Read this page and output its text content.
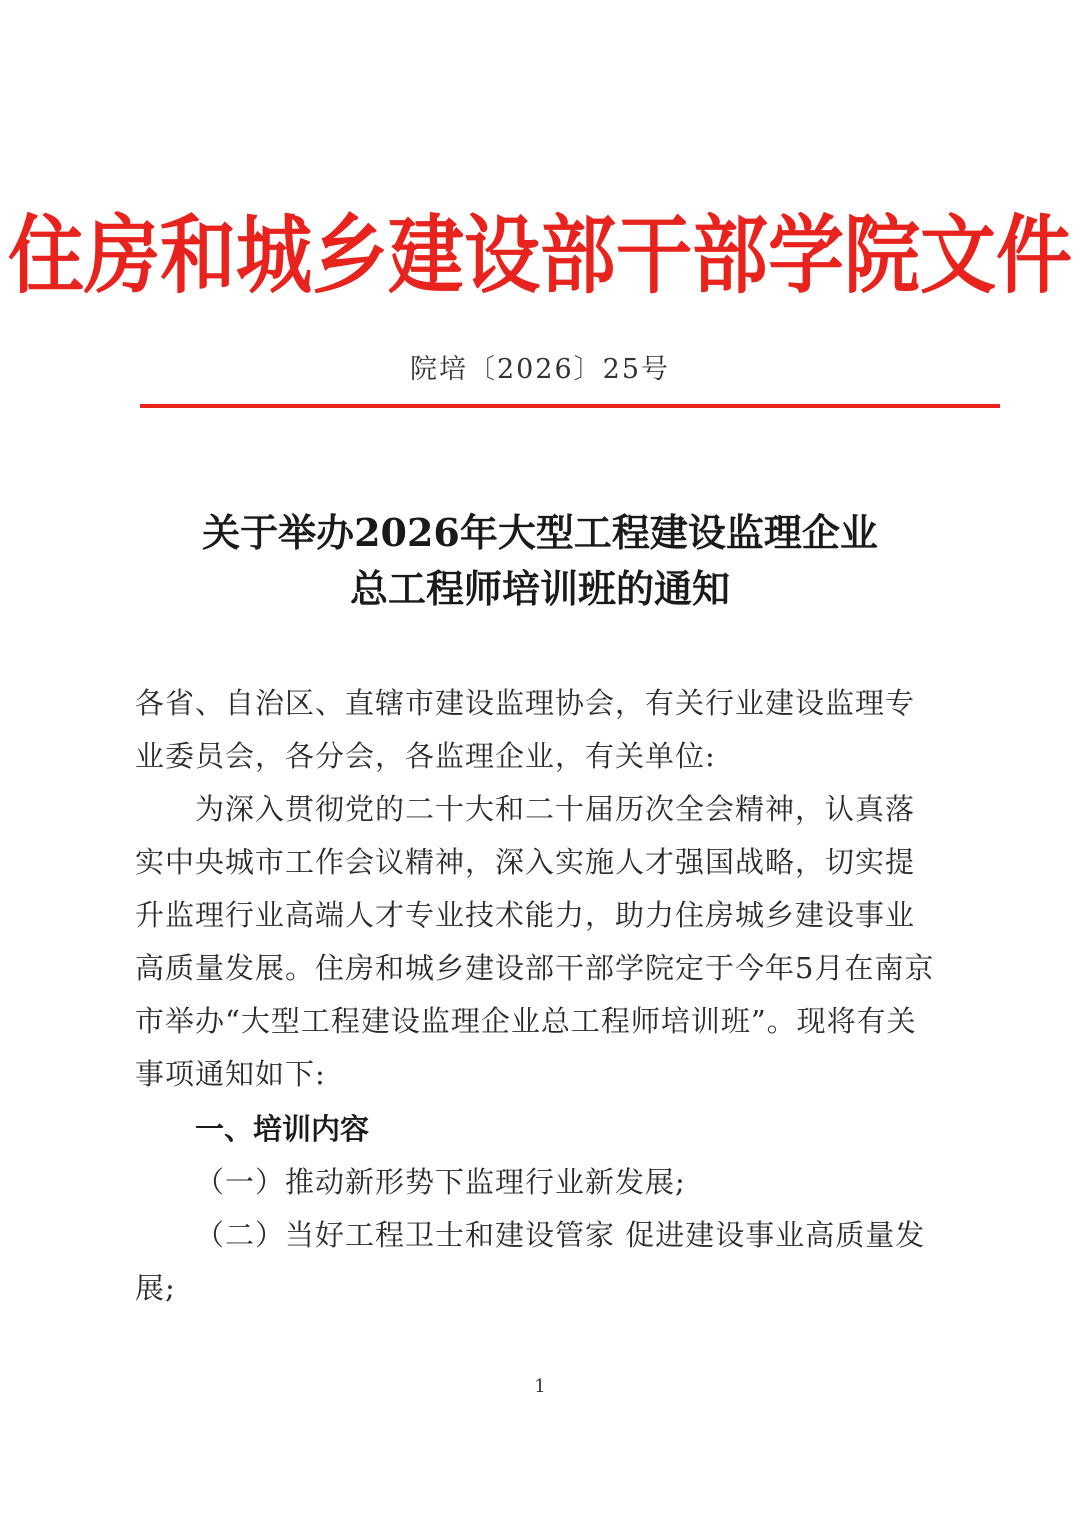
住房和城乡建设部干部学院文件
院培〔2026〕25号
关于举办2026年大型工程建设监理企业
总工程师培训班的通知
各省、自治区、直辖市建设监理协会，有关行业建设监理专业委员会，各分会，各监理企业，有关单位:
为深入贯彻党的二十大和二十届历次全会精神，认真落实中央城市工作会议精神，深入实施人才强国战略，切实提升监理行业高端人才专业技术能力，助力住房城乡建设事业高质量发展。住房和城乡建设部干部学院定于今年5月在南京市举办“大型工程建设监理企业总工程师培训班”。现将有关事项通知如下:
一、培训内容
（一）推动新形势下监理行业新发展;
（二）当好工程卫士和建设管家 促进建设事业高质量发展;
1
